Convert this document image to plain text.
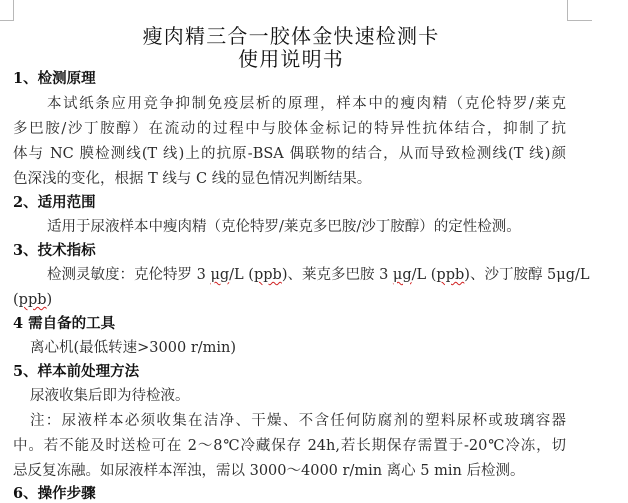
瘦肉精三合一胶体金快速检测卡
使用说明书
1、检测原理
本试纸条应用竞争抑制免疫层析的原理，样本中的瘦肉精（克伦特罗/莱克
多巴胺/沙丁胺醇）在流动的过程中与胶体金标记的特异性抗体结合，抑制了抗
体与 NC 膜检测线(T 线)上的抗原-BSA 偶联物的结合，从而导致检测线(T 线)颜
色深浅的变化，根据 T 线与 C 线的显色情况判断结果。
2、适用范围
适用于尿液样本中瘦肉精（克伦特罗/莱克多巴胺/沙丁胺醇）的定性检测。
3、技术指标
检测灵敏度：克伦特罗 3 μg/L (ppb)、莱克多巴胺 3 μg/L (ppb)、沙丁胺醇 5μg/L
(ppb)
4 需自备的工具
离心机(最低转速>3000 r/min)
5、样本前处理方法
尿液收集后即为待检液。
注：尿液样本必须收集在洁净、干燥、不含任何防腐剂的塑料尿杯或玻璃容器
中。若不能及时送检可在 2～8℃冷藏保存 24h,若长期保存需置于-20℃冷冻，切
忌反复冻融。如尿液样本浑浊，需以 3000～4000 r/min 离心 5 min 后检测。
6、操作步骤
